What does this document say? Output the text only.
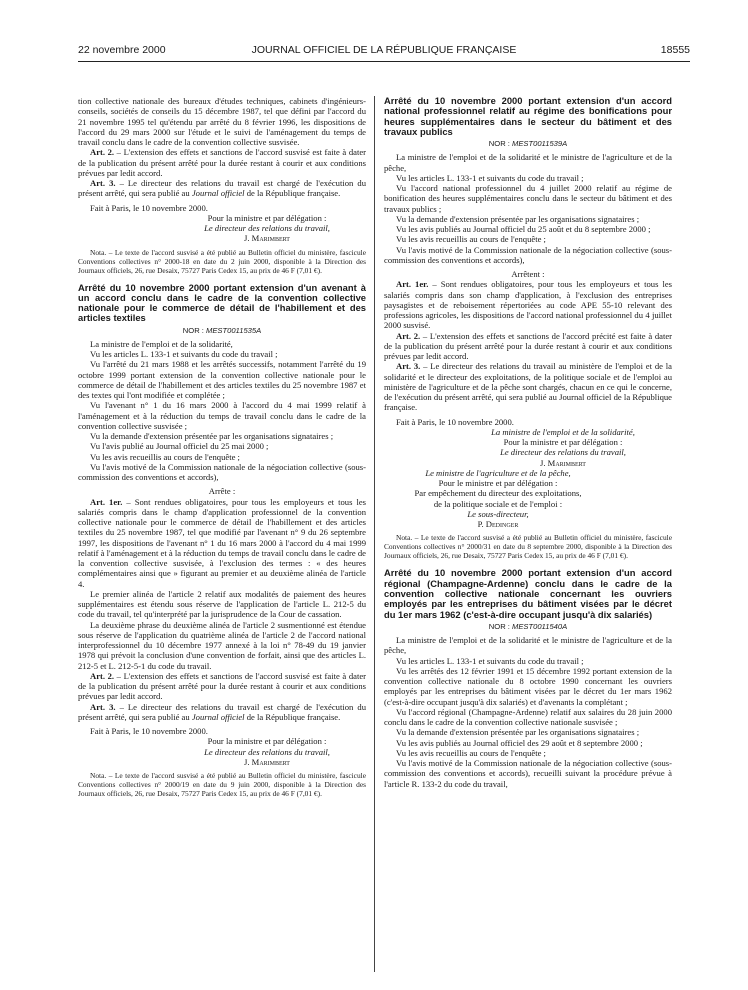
22 novembre 2000	JOURNAL OFFICIEL DE LA RÉPUBLIQUE FRANÇAISE	18555

tion collective nationale des bureaux d'études techniques, cabinets d'ingénieurs-conseils, sociétés de conseils du 15 décembre 1987, tel que défini par l'accord du 21 novembre 1995 tel qu'étendu par arrêté du 8 février 1996, les dispositions de l'accord du 29 mars 2000 sur l'étude et le suivi de l'aménagement du temps de travail conclu dans le cadre de la convention collective susvisée.

Art. 2. – L'extension des effets et sanctions de l'accord susvisé est faite à dater de la publication du présent arrêté pour la durée restant à courir et aux conditions prévues par ledit accord.

Art. 3. – Le directeur des relations du travail est chargé de l'exécution du présent arrêté, qui sera publié au Journal officiel de la République française.

Fait à Paris, le 10 novembre 2000.

Pour la ministre et par délégation :

Le directeur des relations du travail,

J. Marimbert

Nota. – Le texte de l'accord susvisé a été publié au Bulletin officiel du ministère, fascicule Conventions collectives n° 2000-18 en date du 2 juin 2000, disponible à la Direction des Journaux officiels, 26, rue Desaix, 75727 Paris Cedex 15, au prix de 46 F (7,01 €).

Arrêté du 10 novembre 2000 portant extension d'un avenant à un accord conclu dans le cadre de la convention collective nationale pour le commerce de détail de l'habillement et des articles textiles

NOR : MEST0011535A

La ministre de l'emploi et de la solidarité,

Vu les articles L. 133-1 et suivants du code du travail ;

Vu l'arrêté du 21 mars 1988 et les arrêtés successifs, notamment l'arrêté du 19 octobre 1999 portant extension de la convention collective nationale pour le commerce de détail de l'habillement et des articles textiles du 25 novembre 1987 et des textes qui l'ont modifiée et complétée ;

Vu l'avenant n° 1 du 16 mars 2000 à l'accord du 4 mai 1999 relatif à l'aménagement et à la réduction du temps de travail conclu dans le cadre de la convention collective susvisée ;

Vu la demande d'extension présentée par les organisations signataires ;

Vu l'avis publié au Journal officiel du 25 mai 2000 ;

Vu les avis recueillis au cours de l'enquête ;

Vu l'avis motivé de la Commission nationale de la négociation collective (sous-commission des conventions et accords),

Arrête :

Art. 1er. – Sont rendues obligatoires, pour tous les employeurs et tous les salariés compris dans le champ d'application professionnel de la convention collective nationale pour le commerce de détail de l'habillement et des articles textiles du 25 novembre 1987, tel que modifié par l'avenant n° 9 du 26 septembre 1997, les dispositions de l'avenant n° 1 du 16 mars 2000 à l'accord du 4 mai 1999 relatif à l'aménagement et à la réduction du temps de travail conclu dans le cadre de la convention collective susvisée, à l'exclusion des termes : « des heures complémentaires ainsi que » figurant au premier et au deuxième alinéa de l'article 4.

Le premier alinéa de l'article 2 relatif aux modalités de paiement des heures supplémentaires est étendu sous réserve de l'application de l'article L. 212-5 du code du travail, tel qu'interprété par la jurisprudence de la Cour de cassation.

La deuxième phrase du deuxième alinéa de l'article 2 susmentionné est étendue sous réserve de l'application du quatrième alinéa de l'article 2 de l'accord national interprofessionnel du 10 décembre 1977 annexé à la loi n° 78-49 du 19 janvier 1978 qui prévoit la conclusion d'une convention de forfait, ainsi que des articles L. 212-5 et L. 212-5-1 du code du travail.

Art. 2. – L'extension des effets et sanctions de l'accord susvisé est faite à dater de la publication du présent arrêté pour la durée restant à courir et aux conditions prévues par ledit accord.

Art. 3. – Le directeur des relations du travail est chargé de l'exécution du présent arrêté, qui sera publié au Journal officiel de la République française.

Fait à Paris, le 10 novembre 2000.

Pour la ministre et par délégation :

Le directeur des relations du travail,

J. Marimbert

Nota. – Le texte de l'accord susvisé a été publié au Bulletin officiel du ministère, fascicule Conventions collectives n° 2000/19 en date du 9 juin 2000, disponible à la Direction des Journaux officiels, 26, rue Desaix, 75727 Paris Cedex 15, au prix de 46 F (7,01 €).

Arrêté du 10 novembre 2000 portant extension d'un accord national professionnel relatif au régime des bonifications pour heures supplémentaires dans le secteur du bâtiment et des travaux publics

NOR : MEST0011539A

La ministre de l'emploi et de la solidarité et le ministre de l'agriculture et de la pêche,

Vu les articles L. 133-1 et suivants du code du travail ;

Vu l'accord national professionnel du 4 juillet 2000 relatif au régime de bonification des heures supplémentaires conclu dans le secteur du bâtiment et des travaux publics ;

Vu la demande d'extension présentée par les organisations signataires ;

Vu les avis publiés au Journal officiel du 25 août et du 8 septembre 2000 ;

Vu les avis recueillis au cours de l'enquête ;

Vu l'avis motivé de la Commission nationale de la négociation collective (sous-commission des conventions et accords),

Arrêtent :

Art. 1er. – Sont rendues obligatoires, pour tous les employeurs et tous les salariés compris dans son champ d'application, à l'exclusion des entreprises paysagistes et de reboisement répertoriées au code APE 55-10 relevant des professions agricoles, les dispositions de l'accord national professionnel du 4 juillet 2000 susvisé.

Art. 2. – L'extension des effets et sanctions de l'accord précité est faite à dater de la publication du présent arrêté pour la durée restant à courir et aux conditions prévues par ledit accord.

Art. 3. – Le directeur des relations du travail au ministère de l'emploi et de la solidarité et le directeur des exploitations, de la politique sociale et de l'emploi au ministère de l'agriculture et de la pêche sont chargés, chacun en ce qui le concerne, de l'exécution du présent arrêté, qui sera publié au Journal officiel de la République française.

Fait à Paris, le 10 novembre 2000.

La ministre de l'emploi et de la solidarité,

Pour la ministre et par délégation :

Le directeur des relations du travail,

J. Marimbert

Le ministre de l'agriculture et de la pêche,

Pour le ministre et par délégation :

Par empêchement du directeur des exploitations,

de la politique sociale et de l'emploi :

Le sous-directeur,

P. Dedinger

Nota. – Le texte de l'accord susvisé a été publié au Bulletin officiel du ministère, fascicule Conventions collectives n° 2000/31 en date du 8 septembre 2000, disponible à la Direction des Journaux officiels, 26, rue Desaix, 75727 Paris Cedex 15, au prix de 46 F (7,01 €).

Arrêté du 10 novembre 2000 portant extension d'un accord régional (Champagne-Ardenne) conclu dans le cadre de la convention collective nationale concernant les ouvriers employés par les entreprises du bâtiment visées par le décret du 1er mars 1962 (c'est-à-dire occupant jusqu'à dix salariés)

NOR : MEST0011540A

La ministre de l'emploi et de la solidarité et le ministre de l'agriculture et de la pêche,

Vu les articles L. 133-1 et suivants du code du travail ;

Vu les arrêtés des 12 février 1991 et 15 décembre 1992 portant extension de la convention collective nationale du 8 octobre 1990 concernant les ouvriers employés par les entreprises du bâtiment visées par le décret du 1er mars 1962 (c'est-à-dire occupant jusqu'à dix salariés) et d'avenants la complétant ;

Vu l'accord régional (Champagne-Ardenne) relatif aux salaires du 28 juin 2000 conclu dans le cadre de la convention collective nationale susvisée ;

Vu la demande d'extension présentée par les organisations signataires ;

Vu les avis publiés au Journal officiel des 29 août et 8 septembre 2000 ;

Vu les avis recueillis au cours de l'enquête ;

Vu l'avis motivé de la Commission nationale de la négociation collective (sous-commission des conventions et accords), recueilli suivant la procédure prévue à l'article R. 133-2 du code du travail,
